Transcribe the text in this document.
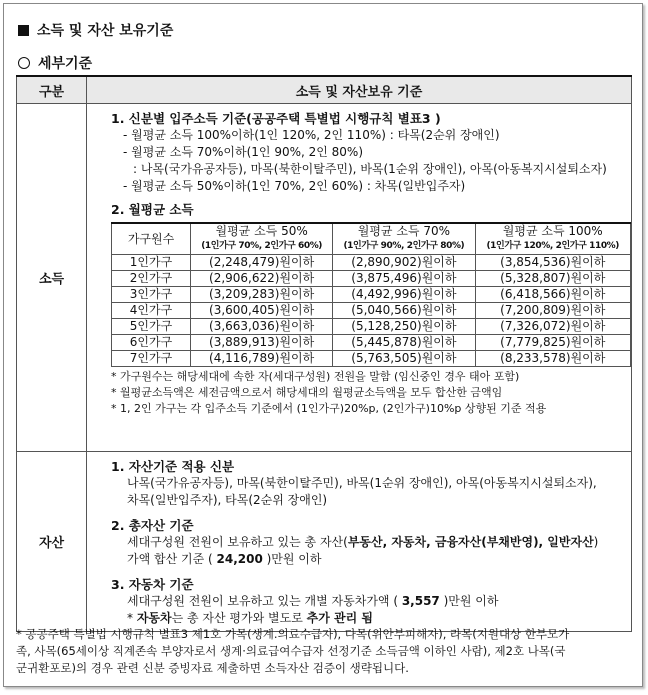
소득 및 자산 보유기준
세부기준
구분	소득 및 자산보유 기준
소득	

1. 신분별 입주소득 기준(공공주택 특별법 시행규칙 별표3 )

- 월평균 소득 100%이하(1인 120%, 2인 110%) : 타목(2순위 장애인)

- 월평균 소득 70%이하(1인 90%, 2인 80%)

: 나목(국가유공자등), 마목(북한이탈주민), 바목(1순위 장애인), 아목(아동복지시설퇴소자)

- 월평균 소득 50%이하(1인 70%, 2인 60%) : 차목(일반입주자)

2. 월평균 소득

가구원수	월평균 소득 50%
(1인가구 70%, 2인가구 60%)
	월평균 소득 70%
(1인가구 90%, 2인가구 80%)
	월평균 소득 100%
(1인가구 120%, 2인가구 110%)

1인가구	(2,248,479)원이하	(2,890,902)원이하	(3,854,536)원이하
2인가구	(2,906,622)원이하	(3,875,496)원이하	(5,328,807)원이하
3인가구	(3,209,283)원이하	(4,492,996)원이하	(6,418,566)원이하
4인가구	(3,600,405)원이하	(5,040,566)원이하	(7,200,809)원이하
5인가구	(3,663,036)원이하	(5,128,250)원이하	(7,326,072)원이하
6인가구	(3,889,913)원이하	(5,445,878)원이하	(7,779,825)원이하
7인가구	(4,116,789)원이하	(5,763,505)원이하	(8,233,578)원이하

* 가구원수는 해당세대에 속한 자(세대구성원) 전원을 말함 (임신중인 경우 태아 포함)

* 월평균소득액은 세전금액으로서 해당세대의 월평균소득액을 모두 합산한 금액임

* 1, 2인 가구는 각 입주소득 기준에서 (1인가구)20%p, (2인가구)10%p 상향된 기준 적용

자산	

1. 자산기준 적용 신분

나목(국가유공자등), 마목(북한이탈주민), 바목(1순위 장애인), 아목(아동복지시설퇴소자),

차목(일반입주자), 타목(2순위 장애인)

2. 총자산 기준

세대구성원 전원이 보유하고 있는 총 자산(부동산, 자동차, 금융자산(부채반영), 일반자산)

가액 합산 기준 ( 24,200 )만원 이하

3. 자동차 기준

세대구성원 전원이 보유하고 있는 개별 자동차가액 ( 3,557 )만원 이하

* 자동차는 총 자산 평가와 별도로 추가 관리 됨

* 공공주택 특별법 시행규칙 별표3 제1호 가목(생계.의료수급자), 다목(위안부피해자), 라목(지원대상 한부모가
족, 사목(65세이상 직계존속 부양자로서 생계·의료급여수급자 선정기준 소득금액 이하인 사람), 제2호 나목(국
군귀환포로)의 경우 관련 신분 증빙자료 제출하면 소득자산 검증이 생략됩니다.
